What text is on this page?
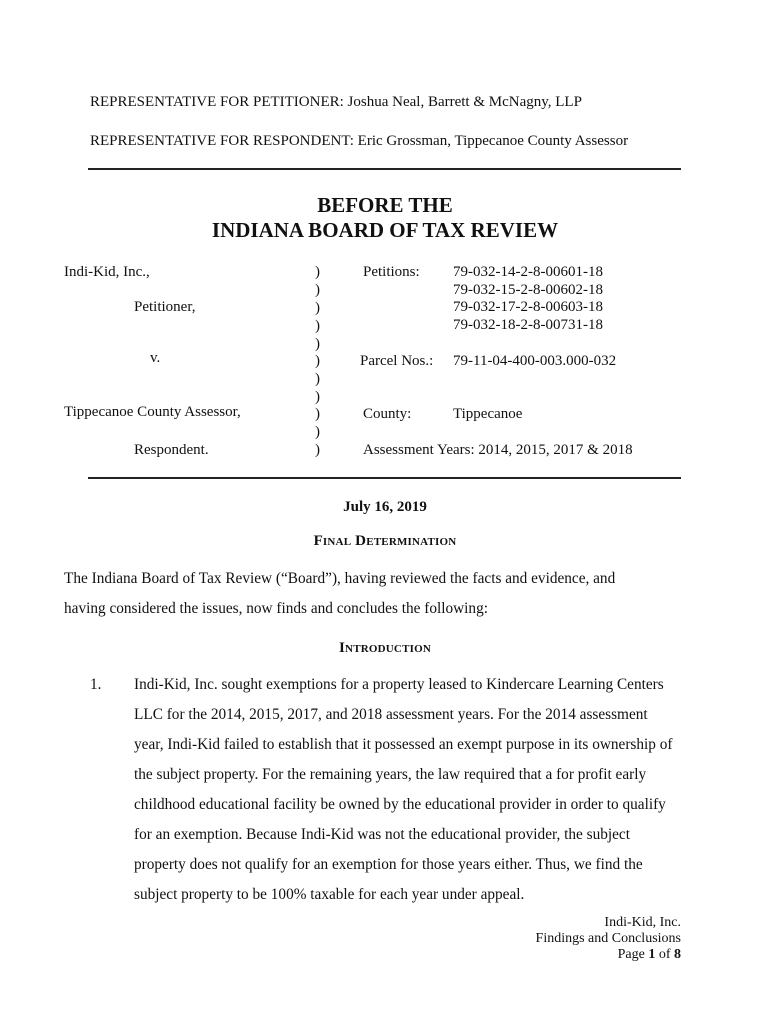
REPRESENTATIVE FOR PETITIONER: Joshua Neal, Barrett & McNagny, LLP
REPRESENTATIVE FOR RESPONDENT: Eric Grossman, Tippecanoe County Assessor
BEFORE THE
INDIANA BOARD OF TAX REVIEW
Indi-Kid, Inc.,
Petitioner,
v.
Tippecanoe County Assessor,
Respondent.
)
)
)
)
)
)
)
)
)
)
)
Petitions: 79-032-14-2-8-00601-18
79-032-15-2-8-00602-18
79-032-17-2-8-00603-18
79-032-18-2-8-00731-18
Parcel Nos.: 79-11-04-400-003.000-032
County:	Tippecanoe
Assessment Years: 2014, 2015, 2017 & 2018
July 16, 2019
Final Determination
The Indiana Board of Tax Review (“Board”), having reviewed the facts and evidence, and
having considered the issues, now finds and concludes the following:
Introduction
1. Indi-Kid, Inc. sought exemptions for a property leased to Kindercare Learning Centers
LLC for the 2014, 2015, 2017, and 2018 assessment years. For the 2014 assessment
year, Indi-Kid failed to establish that it possessed an exempt purpose in its ownership of
the subject property. For the remaining years, the law required that a for profit early
childhood educational facility be owned by the educational provider in order to qualify
for an exemption. Because Indi-Kid was not the educational provider, the subject
property does not qualify for an exemption for those years either. Thus, we find the
subject property to be 100% taxable for each year under appeal.
Indi-Kid, Inc.
Findings and Conclusions
Page 1 of 8
